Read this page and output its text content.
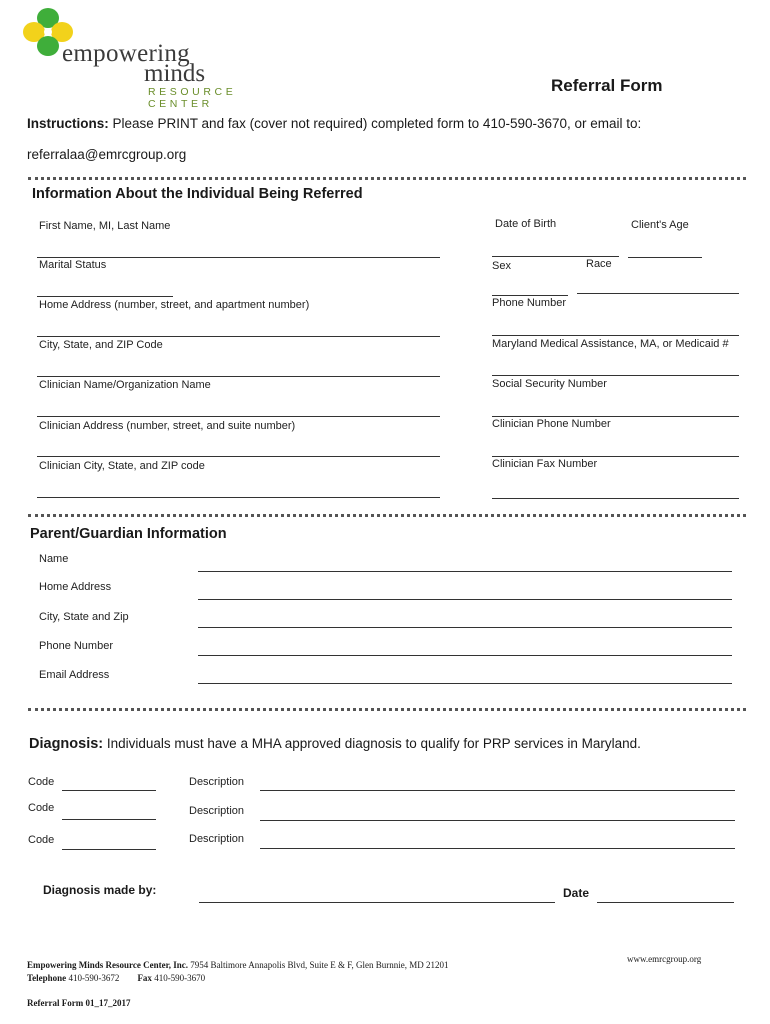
empowering
minds
RESOURCE CENTER
Referral Form
Instructions: Please PRINT and fax (cover not required) completed form to 410-590-3670, or email to:
referralaa@emrcgroup.org
Information About the Individual Being Referred
First Name, MI, Last Name	Date of Birth	Client's Age
Marital Status	Sex	Race
Home Address (number, street, and apartment number)	Phone Number
City, State, and ZIP Code	Maryland Medical Assistance, MA, or Medicaid #
Clinician Name/Organization Name	Social Security Number
Clinician Address (number, street, and suite number)	Clinician Phone Number
Clinician City, State, and ZIP code	Clinician Fax Number
Parent/Guardian Information
Name
Home Address
City, State and Zip
Phone Number
Email Address
Diagnosis: Individuals must have a MHA approved diagnosis to qualify for PRP services in Maryland.
Code	Description
Code	Description
Code	Description
Diagnosis made by:	Date
Empowering Minds Resource Center, Inc. 7954 Baltimore Annapolis Blvd, Suite E & F, Glen Burnnie, MD 21201
www.emrcgroup.org
Telephone 410-590-3672 Fax 410-590-3670
Referral Form 01_17_2017
